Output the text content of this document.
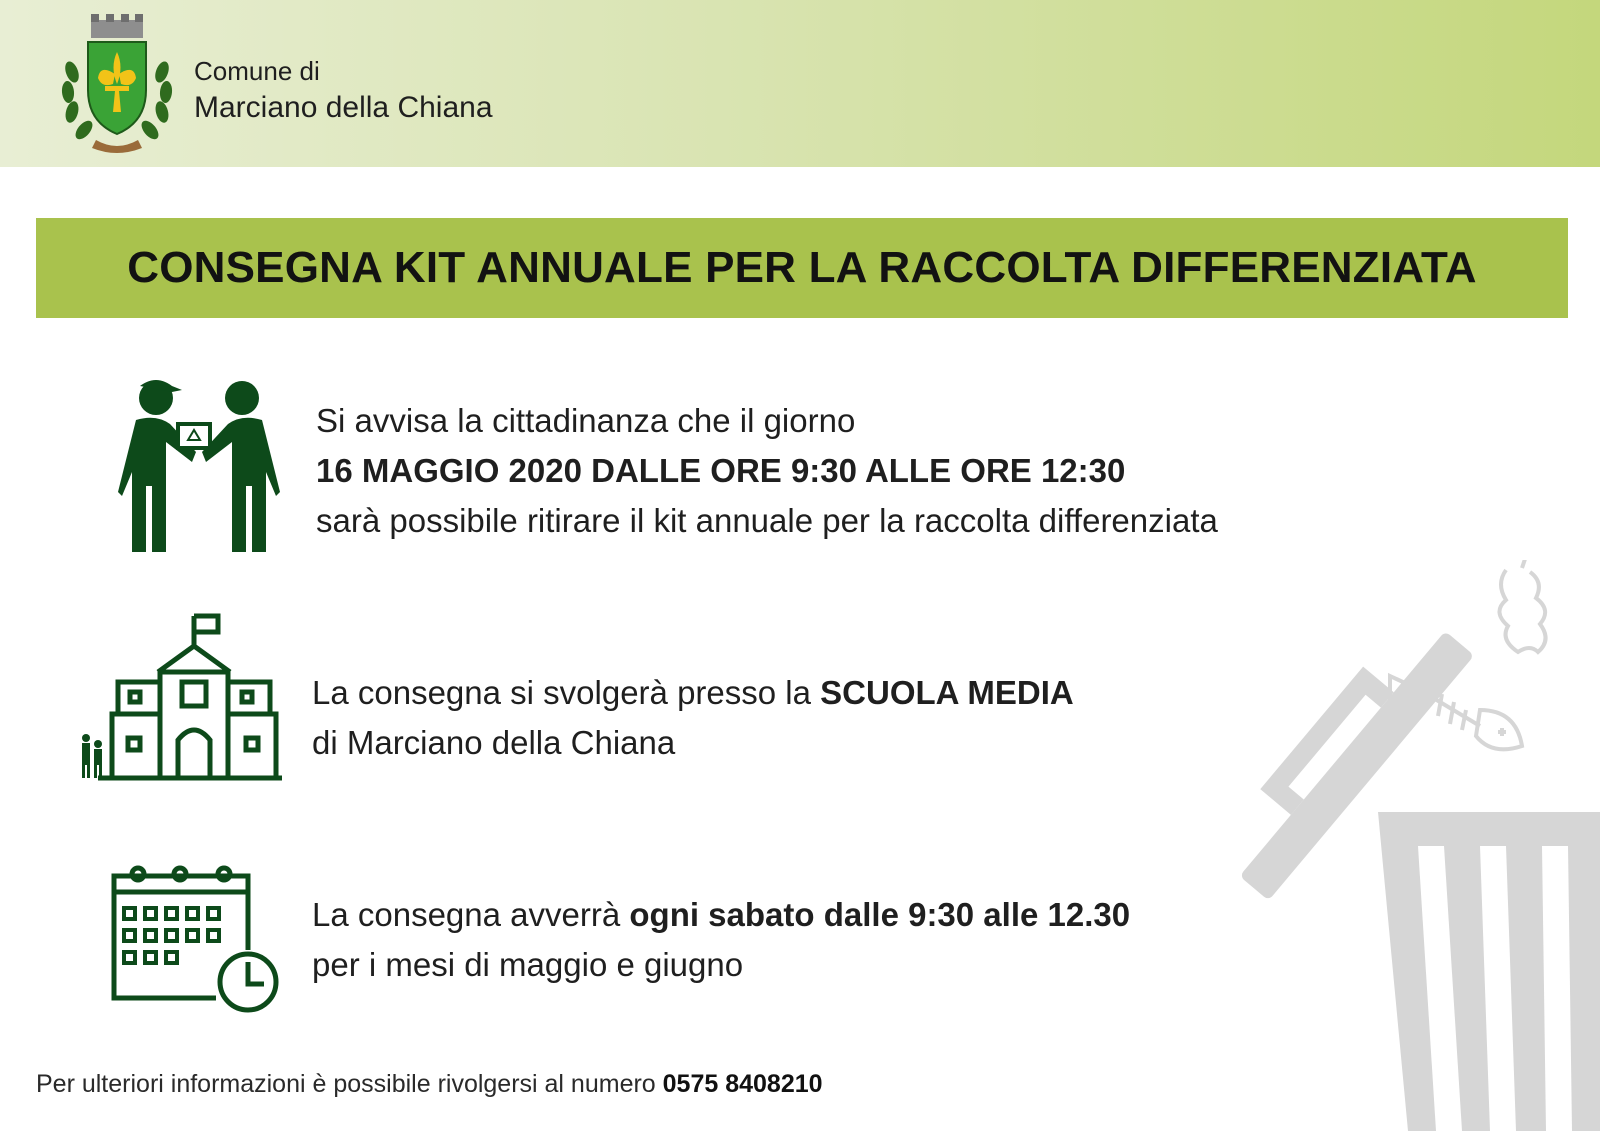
Comune di
Marciano della Chiana
CONSEGNA KIT ANNUALE PER LA RACCOLTA DIFFERENZIATA
Si avvisa la cittadinanza che il giorno
16 MAGGIO 2020 DALLE ORE 9:30 ALLE ORE 12:30
sarà possibile ritirare il kit annuale per la raccolta differenziata
La consegna si svolgerà presso la SCUOLA MEDIA
di Marciano della Chiana
La consegna avverrà ogni sabato dalle 9:30 alle 12.30
per i mesi di maggio e giugno
Per ulteriori informazioni è possibile rivolgersi al numero 0575 8408210
